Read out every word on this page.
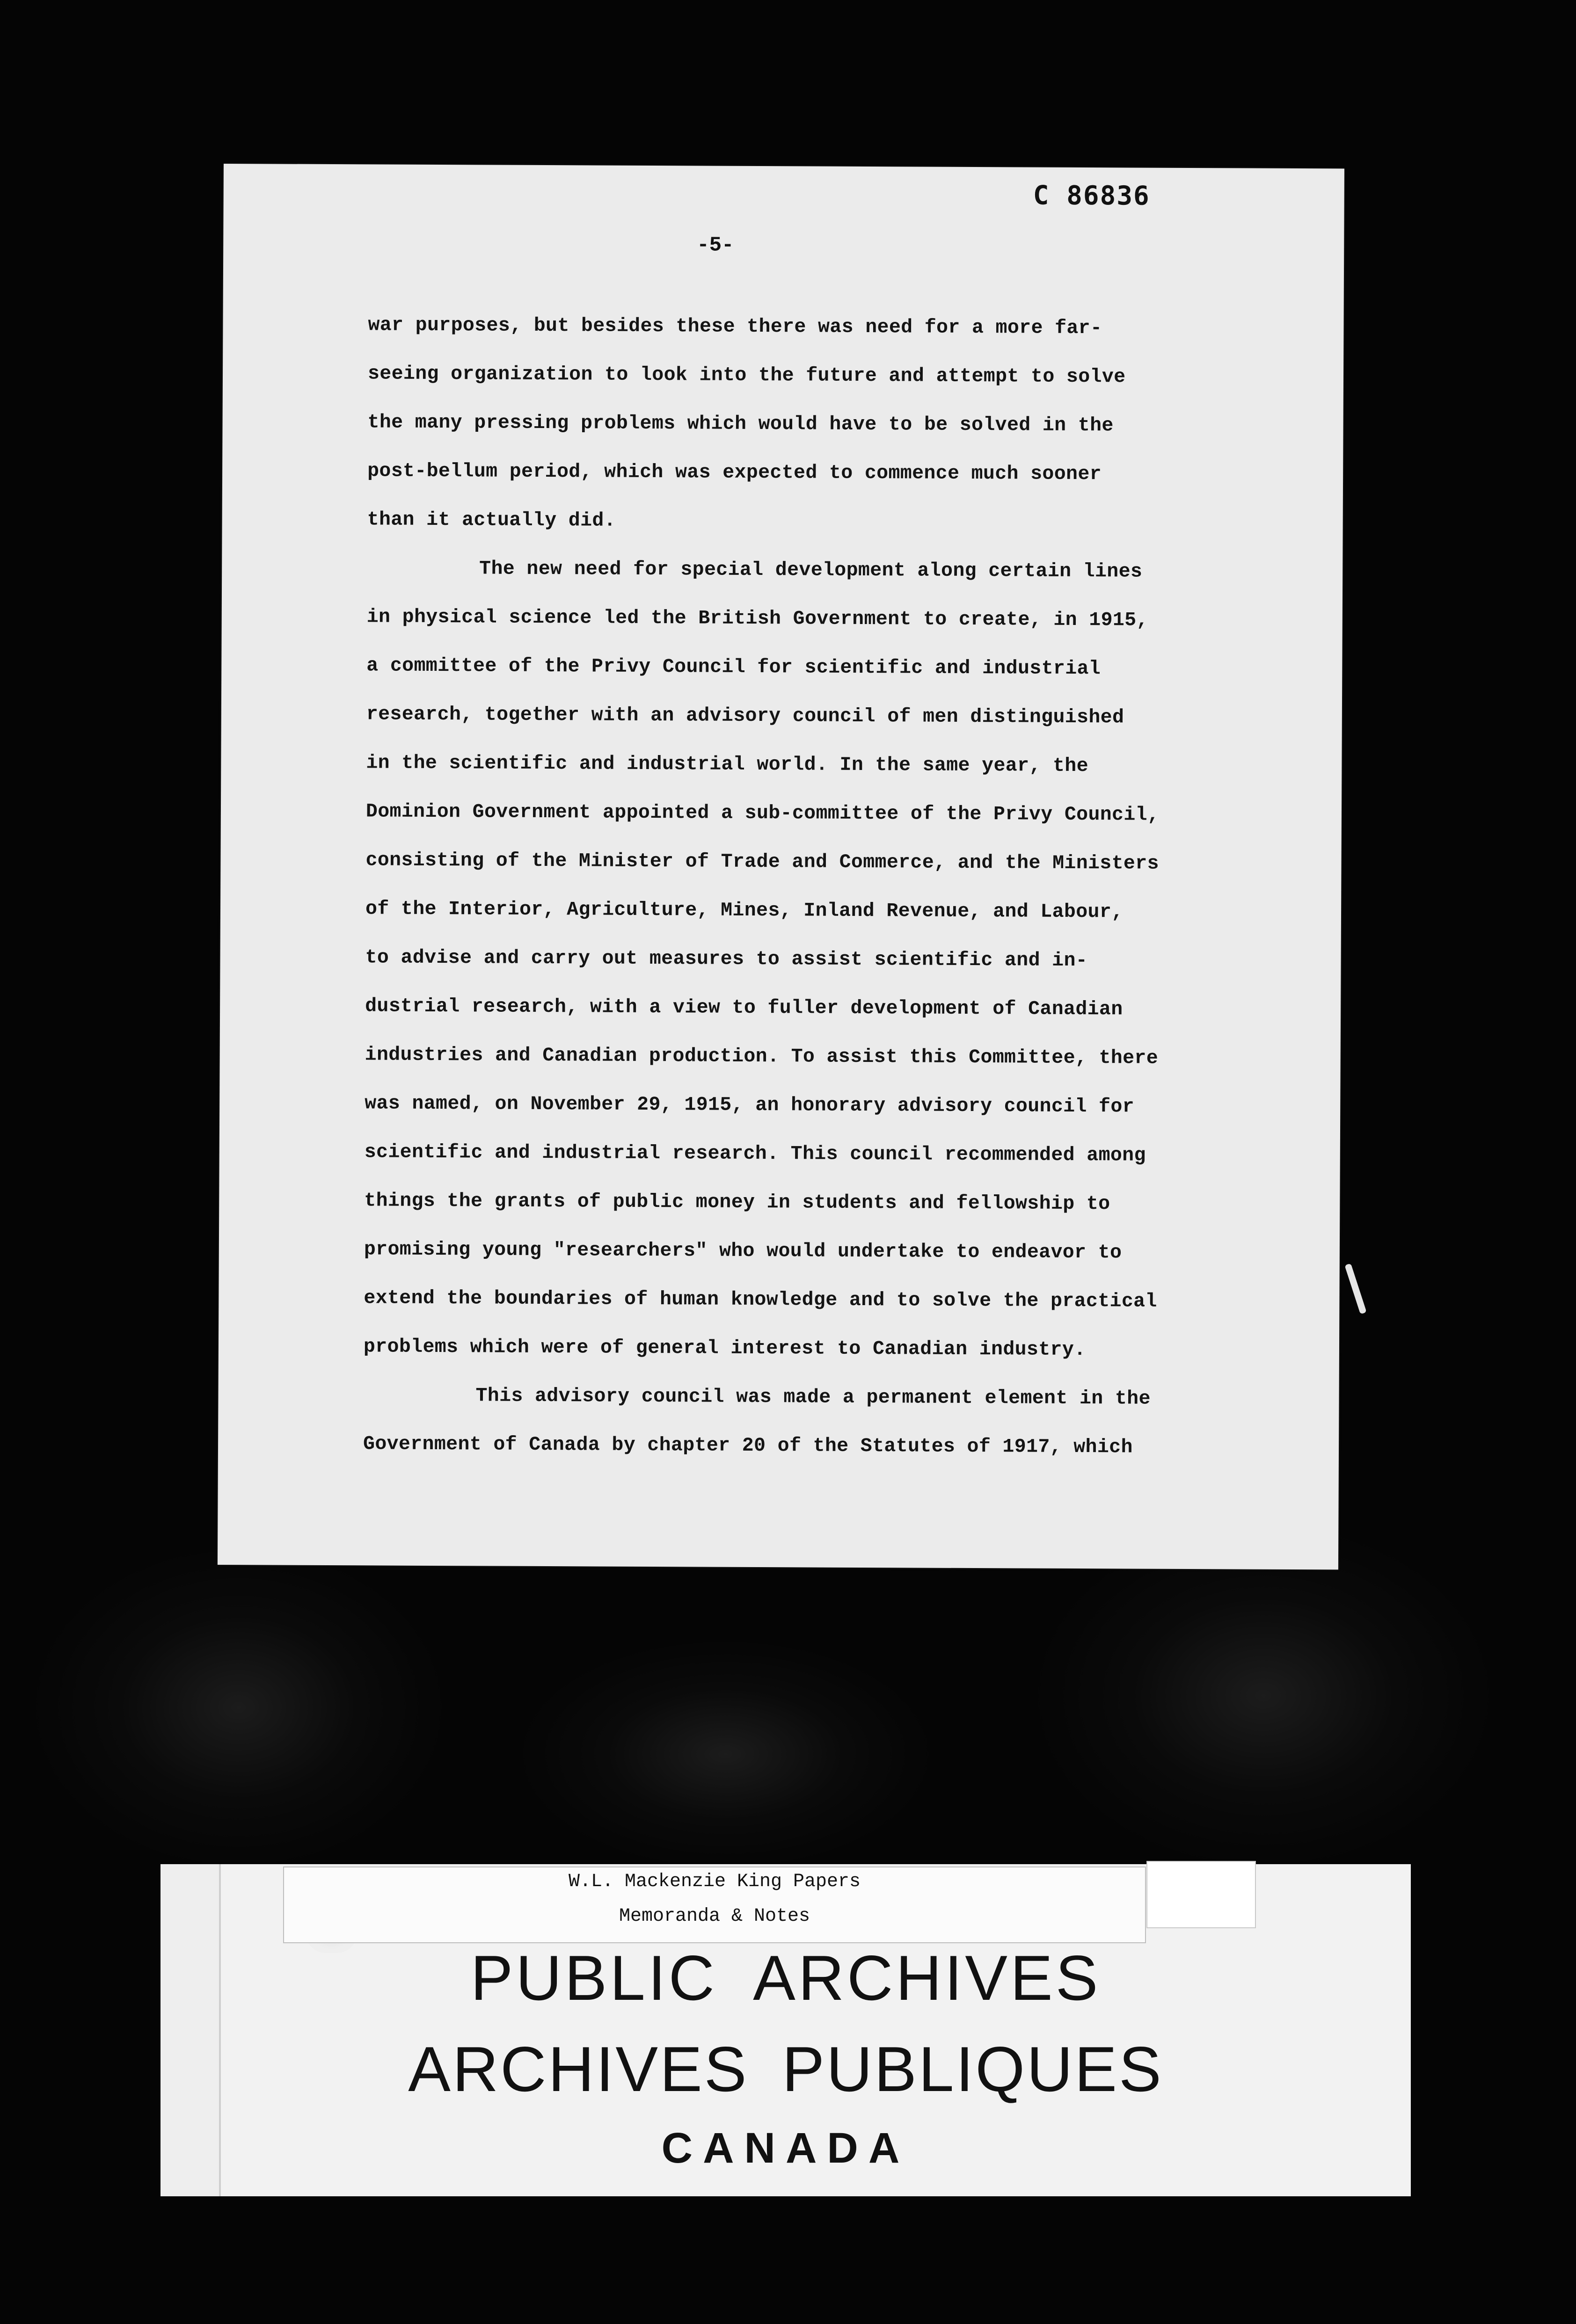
C 86836
-5-
war purposes, but besides these there was need for a more far-
seeing organization to look into the future and attempt to solve
the many pressing problems which would have to be solved in the
post-bellum period, which was expected to commence much sooner
than it actually did.
The new need for special development along certain lines
in physical science led the British Government to create, in 1915,
a committee of the Privy Council for scientific and industrial
research, together with an advisory council of men distinguished
in the scientific and industrial world. In the same year, the
Dominion Government appointed a sub-committee of the Privy Council,
consisting of the Minister of Trade and Commerce, and the Ministers
of the Interior, Agriculture, Mines, Inland Revenue, and Labour,
to advise and carry out measures to assist scientific and in-
dustrial research, with a view to fuller development of Canadian
industries and Canadian production. To assist this Committee, there
was named, on November 29, 1915, an honorary advisory council for
scientific and industrial research. This council recommended among
things the grants of public money in students and fellowship to
promising young "researchers" who would undertake to endeavor to
extend the boundaries of human knowledge and to solve the practical
problems which were of general interest to Canadian industry.
This advisory council was made a permanent element in the
Government of Canada by chapter 20 of the Statutes of 1917, which
W.L. Mackenzie King Papers
Memoranda & Notes
PUBLIC ARCHIVES
ARCHIVES PUBLIQUES
CANADA
